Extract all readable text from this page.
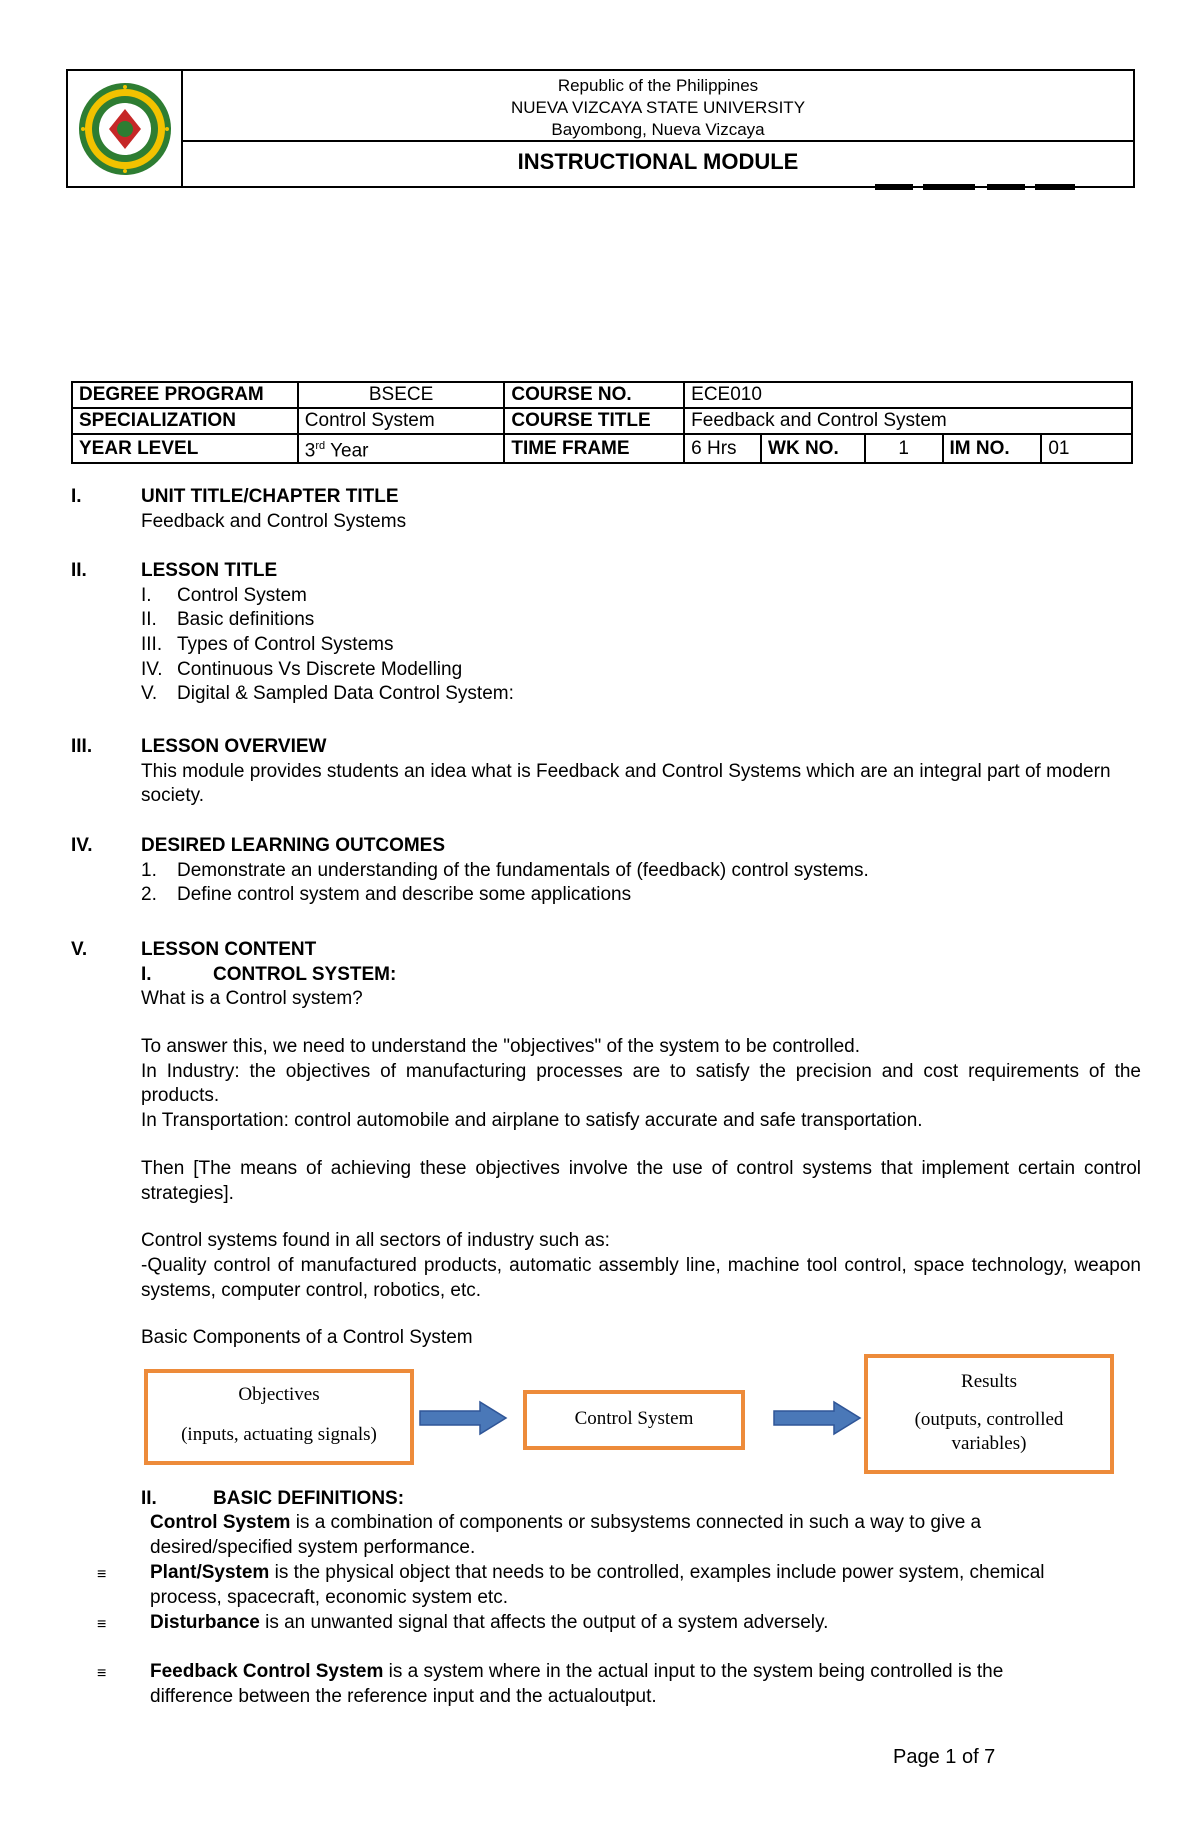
Republic of the Philippines
NUEVA VIZCAYA STATE UNIVERSITY
Bayombong, Nueva Vizcaya
INSTRUCTIONAL MODULE
DEGREE PROGRAM	BSECE	COURSE NO.	ECE010				
SPECIALIZATION	Control System	COURSE TITLE	Feedback and Control System				
YEAR LEVEL	3rd Year	TIME FRAME	6 Hrs	WK NO.	1	IM NO.	01
I.	UNIT TITLE/CHAPTER TITLE
Feedback and Control Systems
II.	LESSON TITLE
I. Control System
II. Basic definitions
III. Types of Control Systems
IV. Continuous Vs Discrete Modelling
V. Digital & Sampled Data Control System:
III.	LESSON OVERVIEW
This module provides students an idea what is Feedback and Control Systems which are an integral part of modern society.
IV.	DESIRED LEARNING OUTCOMES
1. Demonstrate an understanding of the fundamentals of (feedback) control systems.
2. Define control system and describe some applications
V.	LESSON CONTENT
I.	CONTROL SYSTEM:
What is a Control system?
To answer this, we need to understand the "objectives" of the system to be controlled.
In Industry: the objectives of manufacturing processes are to satisfy the precision and cost requirements of the products.
In Transportation: control automobile and airplane to satisfy accurate and safe transportation.
Then [The means of achieving these objectives involve the use of control systems that implement certain control strategies].
Control systems found in all sectors of industry such as:
-Quality control of manufactured products, automatic assembly line, machine tool control, space technology, weapon systems, computer control, robotics, etc.
Basic Components of a Control System
Objectives
(inputs, actuating signals)
Control System
Results
(outputs, controlled variables)
II.	BASIC DEFINITIONS:
Control System is a combination of components or subsystems connected in such a way to give a desired/specified system performance.
≡ Plant/System is the physical object that needs to be controlled, examples include power system, chemical process, spacecraft, economic system etc.
≡ Disturbance is an unwanted signal that affects the output of a system adversely.
≡ Feedback Control System is a system where in the actual input to the system being controlled is the difference between the reference input and the actualoutput.
Page 1 of 7
